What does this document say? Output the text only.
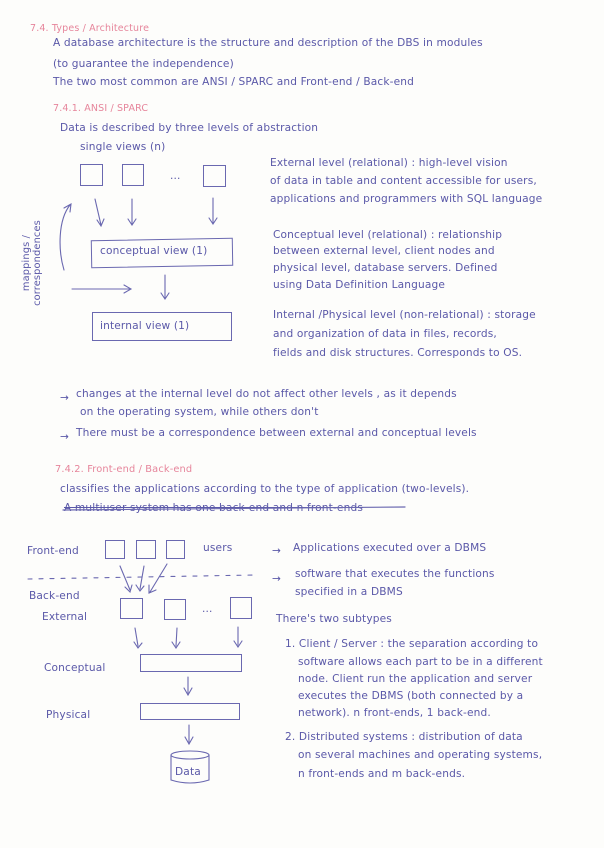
7.4. Types / Architecture
A database architecture is the structure and description of the DBS in modules
(to guarantee the independence)
The two most common are ANSI / SPARC and Front-end / Back-end
7.4.1. ANSI / SPARC
Data is described by three levels of abstraction
single views (n)
...
mappings / correspondences	conceptual view (1)
internal view (1)
External level (relational) : high-level vision
of data in table and content accessible for users,
applications and programmers with SQL language
Conceptual level (relational) : relationship
between external level, client nodes and
physical level, database servers. Defined
using Data Definition Language
Internal /Physical level (non-relational) : storage
and organization of data in files, records,
fields and disk structures. Corresponds to OS.
→ changes at the internal level do not affect other levels , as it depends
on the operating system, while others don't
→ There must be a correspondence between external and conceptual levels
7.4.2. Front-end / Back-end
classifies the applications according to the type of application (two-levels).
A multiuser system has one back-end and n front-ends
Front-end	users	→ Applications executed over a DBMS
Back-end
External
...
→ software that executes the functions
specified in a DBMS
There's two subtypes
1. Client / Server : the separation according to
software allows each part to be in a different
node. Client run the application and server
executes the DBMS (both connected by a
network). n front-ends, 1 back-end.
2. Distributed systems : distribution of data
on several machines and operating systems,
n front-ends and m back-ends.
Conceptual
Physical
Data
